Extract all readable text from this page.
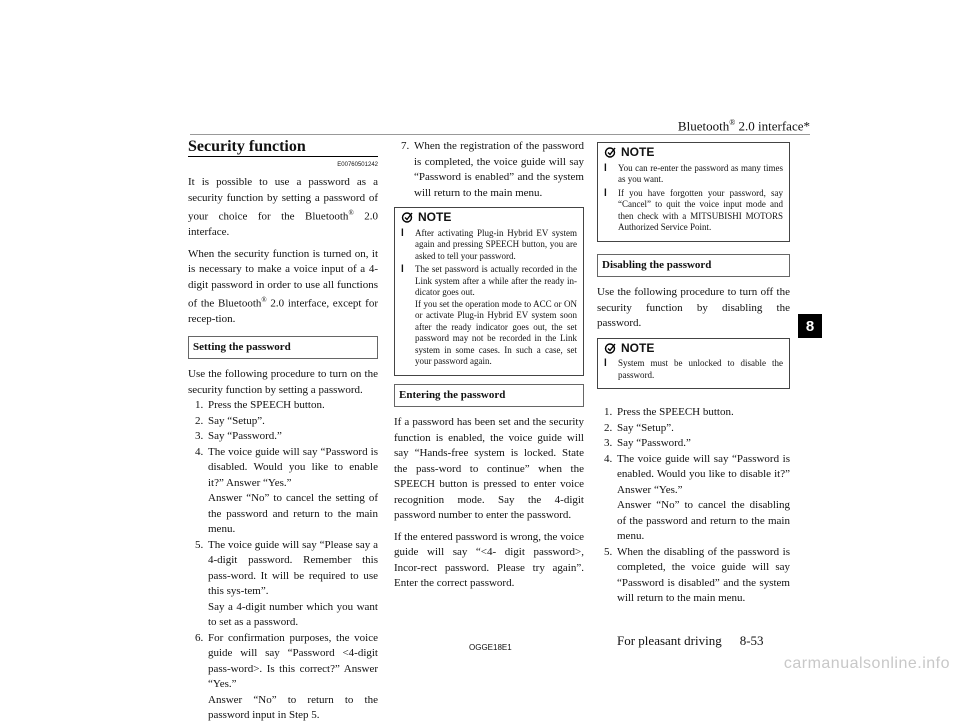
Bluetooth® 2.0 interface*
8
Security function
E00760501242

It is possible to use a password as a security function by setting a password of your choice for the Bluetooth® 2.0 interface.

When the security function is turned on, it is necessary to make a voice input of a 4-digit password in order to use all functions of the Bluetooth® 2.0 interface, except for recep-tion.

Setting the password

Use the following procedure to turn on the security function by setting a password.

1. Press the SPEECH button.
2. Say “Setup”.
3. Say “Password.”
4. The voice guide will say “Password is disabled. Would you like to enable it?” Answer “Yes.”
Answer “No” to cancel the setting of the password and return to the main menu.
5. The voice guide will say “Please say a 4-digit password. Remember this pass-word. It will be required to use this sys-tem”.
Say a 4-digit number which you want to set as a password.
6. For confirmation purposes, the voice guide will say “Password <4-digit pass-word>. Is this correct?” Answer “Yes.”
Answer “No” to return to the password input in Step 5.
7. When the registration of the password is completed, the voice guide will say “Password is enabled” and the system will return to the main menu.
NOTE
l After activating Plug-in Hybrid EV system again and pressing SPEECH button, you are asked to tell your password.
l The set password is actually recorded in the Link system after a while after the ready in-dicator goes out.
If you set the operation mode to ACC or ON or activate Plug-in Hybrid EV system soon after the ready indicator goes out, the set password may not be recorded in the Link system in some cases. In such a case, set your password again.
Entering the password

If a password has been set and the security function is enabled, the voice guide will say “Hands-free system is locked. State the pass-word to continue” when the SPEECH button is pressed to enter voice recognition mode. Say the 4-digit password number to enter the password.

If the entered password is wrong, the voice guide will say “<4- digit password>, Incor-rect password. Please try again”. Enter the correct password.

NOTE
l You can re-enter the password as many times as you want.
l If you have forgotten your password, say “Cancel” to quit the voice input mode and then check with a MITSUBISHI MOTORS Authorized Service Point.
Disabling the password

Use the following procedure to turn off the security function by disabling the password.

NOTE
l System must be unlocked to disable the password.
1. Press the SPEECH button.
2. Say “Setup”.
3. Say “Password.”
4. The voice guide will say “Password is enabled. Would you like to disable it?” Answer “Yes.”
Answer “No” to cancel the disabling of the password and return to the main menu.
5. When the disabling of the password is completed, the voice guide will say “Password is disabled” and the system will return to the main menu.
OGGE18E1	For pleasant driving 8-53
carmanualsonline.info
